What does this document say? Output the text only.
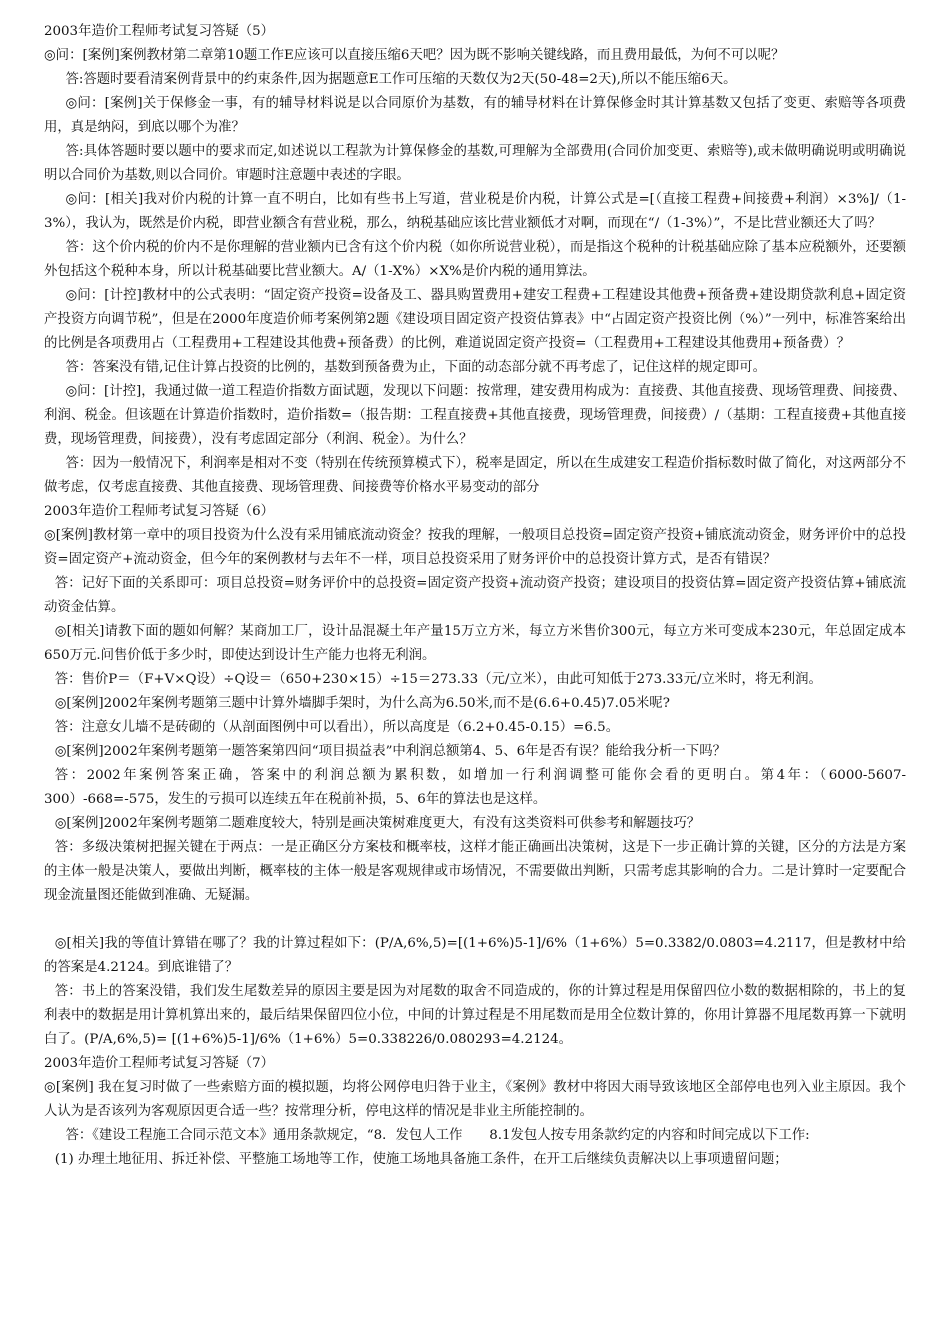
2003年造价工程师考试复习答疑（5）

◎问：[案例]案例教材第二章第10题工作E应该可以直接压缩6天吧？因为既不影响关键线路，而且费用最低，为何不可以呢？

答:答题时要看清案例背景中的约束条件,因为据题意E工作可压缩的天数仅为2天(50-48=2天),所以不能压缩6天。

◎问：[案例]关于保修金一事，有的辅导材料说是以合同原价为基数，有的辅导材料在计算保修金时其计算基数又包括了变更、索赔等各项费用，真是纳闷，到底以哪个为准？

答:具体答题时要以题中的要求而定,如述说以工程款为计算保修金的基数,可理解为全部费用(合同价加变更、索赔等),或未做明确说明或明确说明以合同价为基数,则以合同价。审题时注意题中表述的字眼。

◎问：[相关]我对价内税的计算一直不明白，比如有些书上写道，营业税是价内税，计算公式是=[（直接工程费+间接费+利润）×3%]/（1-3%），我认为，既然是价内税，即营业额含有营业税，那么，纳税基础应该比营业额低才对啊，而现在“/（1-3%）”，不是比营业额还大了吗？

答：这个价内税的价内不是你理解的营业额内已含有这个价内税（如你所说营业税），而是指这个税种的计税基础应除了基本应税额外，还要额外包括这个税种本身，所以计税基础要比营业额大。A/（1-X%）×X%是价内税的通用算法。

◎问：[计控]教材中的公式表明：“固定资产投资=设备及工、器具购置费用+建安工程费+工程建设其他费+预备费+建设期贷款利息+固定资产投资方向调节税”，但是在2000年度造价师考案例第2题《建设项目固定资产投资估算表》中“占固定资产投资比例（%）”一列中，标准答案给出的比例是各项费用占（工程费用+工程建设其他费+预备费）的比例，难道说固定资产投资=（工程费用+工程建设其他费用+预备费）？

答：答案没有错,记住计算占投资的比例的，基数到预备费为止，下面的动态部分就不再考虑了，记住这样的规定即可。

◎问：[计控]，我通过做一道工程造价指数方面试题，发现以下问题：按常理，建安费用构成为：直接费、其他直接费、现场管理费、间接费、利润、税金。但该题在计算造价指数时，造价指数=（报告期：工程直接费+其他直接费，现场管理费，间接费）/（基期：工程直接费+其他直接费，现场管理费，间接费），没有考虑固定部分（利润、税金）。为什么？

答：因为一般情况下，利润率是相对不变（特别在传统预算模式下），税率是固定，所以在生成建安工程造价指标数时做了简化，对这两部分不做考虑，仅考虑直接费、其他直接费、现场管理费、间接费等价格水平易变动的部分

2003年造价工程师考试复习答疑（6）

◎[案例]教材第一章中的项目投资为什么没有采用铺底流动资金？按我的理解，一般项目总投资=固定资产投资+铺底流动资金，财务评价中的总投资=固定资产+流动资金，但今年的案例教材与去年不一样，项目总投资采用了财务评价中的总投资计算方式，是否有错误？

答：记好下面的关系即可：项目总投资=财务评价中的总投资=固定资产投资+流动资产投资；建设项目的投资估算=固定资产投资估算+铺底流动资金估算。

◎[相关]请教下面的题如何解？某商加工厂，设计品混凝土年产量15万立方米，每立方米售价300元，每立方米可变成本230元，年总固定成本650万元.问售价低于多少时，即使达到设计生产能力也将无利润。

答：售价P＝（F+V×Q设）÷Q设＝（650+230×15）÷15＝273.33（元/立米），由此可知低于273.33元/立米时，将无利润。

◎[案例]2002年案例考题第三题中计算外墙脚手架时，为什么高为6.50米,而不是(6.6+0.45)7.05米呢?

答：注意女儿墙不是砖砌的（从剖面图例中可以看出），所以高度是（6.2+0.45-0.15）=6.5。

◎[案例]2002年案例考题第一题答案第四问“项目损益表”中利润总额第4、5、6年是否有误？能给我分析一下吗？

答：2002年案例答案正确，答案中的利润总额为累积数，如增加一行利润调整可能你会看的更明白。第4年：（6000-5607-300）-668=-575，发生的亏损可以连续五年在税前补损，5、6年的算法也是这样。

◎[案例]2002年案例考题第二题难度较大，特别是画决策树难度更大，有没有这类资料可供参考和解题技巧？

答：多级决策树把握关键在于两点：一是正确区分方案枝和概率枝，这样才能正确画出决策树，这是下一步正确计算的关键，区分的方法是方案的主体一般是决策人，要做出判断，概率枝的主体一般是客观规律或市场情况，不需要做出判断，只需考虑其影响的合力。二是计算时一定要配合现金流量图还能做到准确、无疑漏。

◎[相关]我的等值计算错在哪了？我的计算过程如下：(P/A,6%,5)=[(1+6%)5-1]/6%（1+6%）5=0.3382/0.0803=4.2117，但是教材中给的答案是4.2124。到底谁错了？

答：书上的答案没错，我们发生尾数差异的原因主要是因为对尾数的取舍不同造成的，你的计算过程是用保留四位小数的数据相除的，书上的复利表中的数据是用计算机算出来的，最后结果保留四位小位，中间的计算过程是不用尾数而是用全位数计算的，你用计算器不甩尾数再算一下就明白了。(P/A,6%,5)= [(1+6%)5-1]/6%（1+6%）5=0.338226/0.080293=4.2124。

2003年造价工程师考试复习答疑（7）

◎[案例] 我在复习时做了一些索赔方面的模拟题，均将公网停电归咎于业主，《案例》教材中将因大雨导致该地区全部停电也列入业主原因。我个人认为是否该列为客观原因更合适一些？按常理分析，停电这样的情况是非业主所能控制的。

答：《建设工程施工合同示范文本》通用条款规定，“8．发包人工作　　8.1发包人按专用条款约定的内容和时间完成以下工作:

(1) 办理土地征用、拆迁补偿、平整施工场地等工作，使施工场地具备施工条件，在开工后继续负责解决以上事项遗留问题；
